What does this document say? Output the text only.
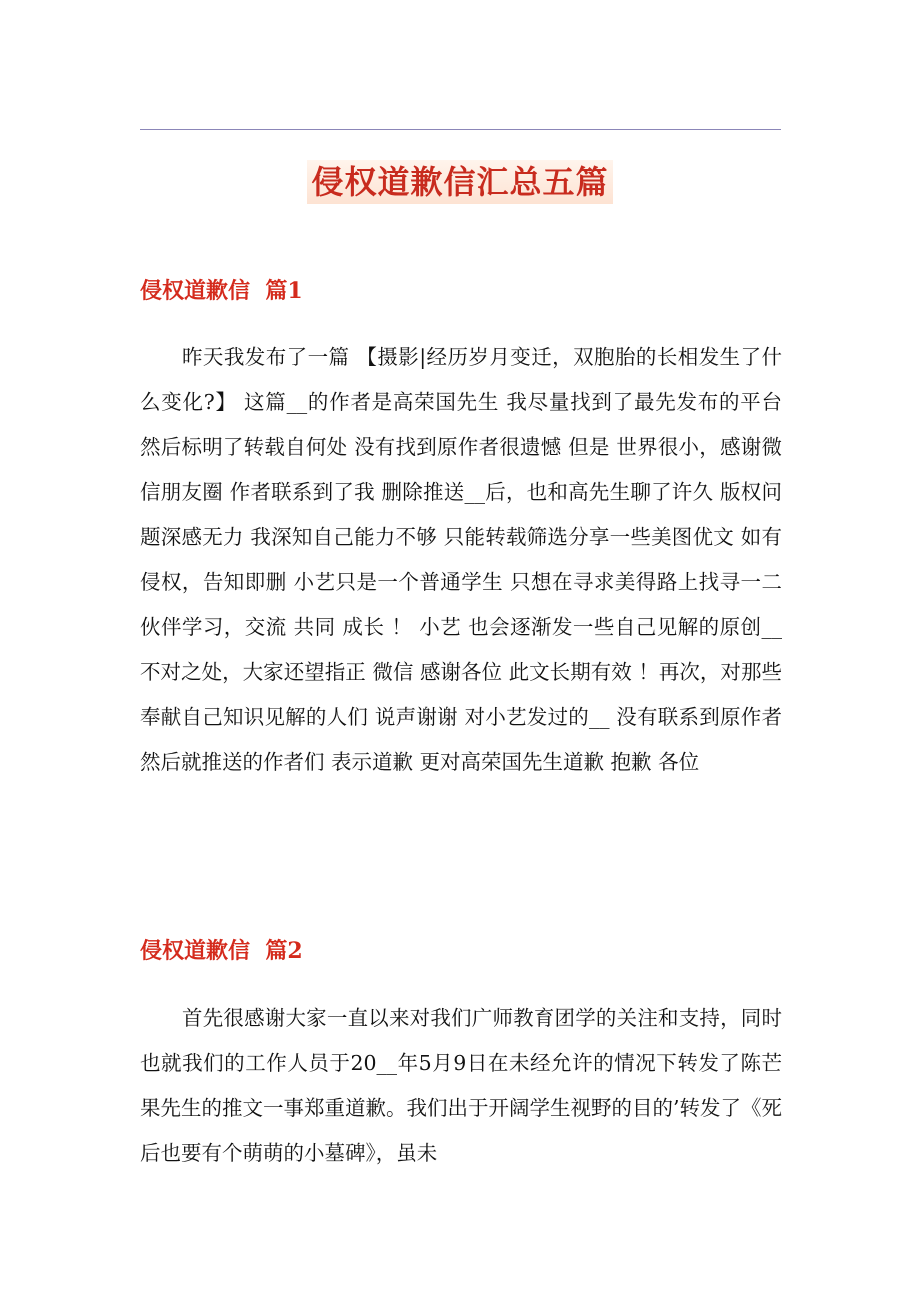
侵权道歉信汇总五篇
侵权道歉信  篇1

昨天我发布了一篇 【摄影|经历岁月变迁，双胞胎的长相发生了什么变化?】 这篇__的作者是高荣国先生 我尽量找到了最先发布的平台 然后标明了转载自何处 没有找到原作者很遗憾 但是 世界很小，感谢微信朋友圈 作者联系到了我 删除推送__后，也和高先生聊了许久 版权问题深感无力 我深知自己能力不够 只能转载筛选分享一些美图优文 如有侵权，告知即删 小艺只是一个普通学生 只想在寻求美得路上找寻一二伙伴学习，交流 共同 成长 ！ 小艺 也会逐渐发一些自己见解的原创__ 不对之处，大家还望指正 微信 感谢各位 此文长期有效 ！再次，对那些奉献自己知识见解的人们 说声谢谢 对小艺发过的__ 没有联系到原作者然后就推送的作者们 表示道歉 更对高荣国先生道歉 抱歉 各位

侵权道歉信  篇2

首先很感谢大家一直以来对我们广师教育团学的关注和支持，同时也就我们的工作人员于20__年5月9日在未经允许的情况下转发了陈芒果先生的推文一事郑重道歉。我们出于开阔学生视野的目的’转发了《死后也要有个萌萌的小墓碑》，虽未
